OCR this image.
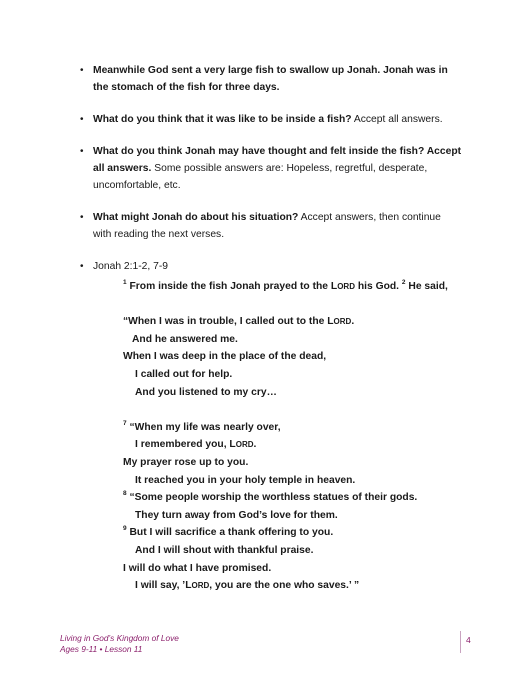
• Meanwhile God sent a very large fish to swallow up Jonah. Jonah was in the stomach of the fish for three days.
• What do you think that it was like to be inside a fish? Accept all answers.
• What do you think Jonah may have thought and felt inside the fish? Accept all answers. Some possible answers are: Hopeless, regretful, desperate, uncomfortable, etc.
• What might Jonah do about his situation? Accept answers, then continue with reading the next verses.
• Jonah 2:1-2, 7-9
$^1$ From inside the fish Jonah prayed to the LORD his God. $^2$ He said,
“When I was in trouble, I called out to the LORD.
And he answered me.
When I was deep in the place of the dead,
I called out for help.
And you listened to my cry…
$^7$ “When my life was nearly over,
I remembered you, LORD.
My prayer rose up to you.
It reached you in your holy temple in heaven.
$^8$ “Some people worship the worthless statues of their gods.
They turn away from God’s love for them.
$^9$ But I will sacrifice a thank offering to you.
And I will shout with thankful praise.
I will do what I have promised.
I will say, ’LORD, you are the one who saves.’ ”
Living in God’s Kingdom of Love
Ages 9-11 • Lesson 11
4
